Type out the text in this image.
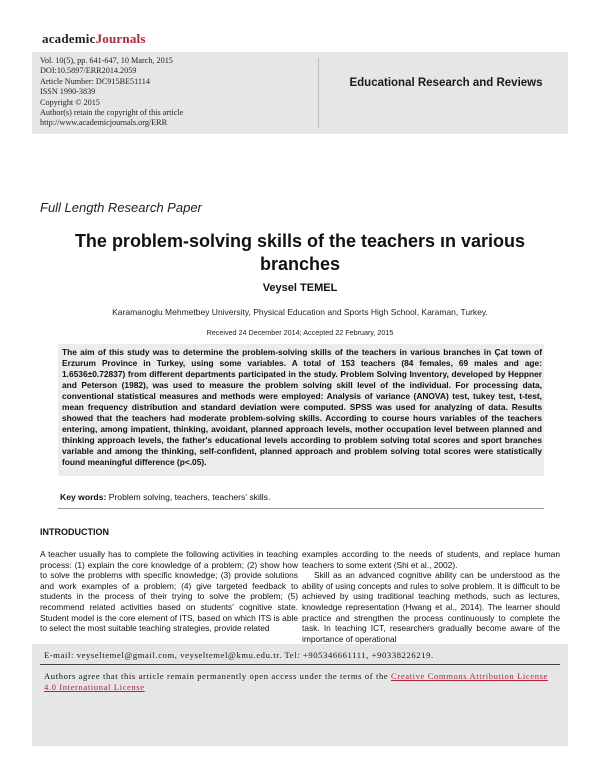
academicJournals
Vol. 10(5), pp. 641-647, 10 March, 2015
DOI:10.5897/ERR2014.2059
Article Number: DC915BE51114
ISSN 1990-3839
Copyright © 2015
Author(s) retain the copyright of this article
http://www.academicjournals.org/ERR
Educational Research and Reviews
Full Length Research Paper
The problem-solving skills of the teachers ın various branches
Veysel TEMEL
Karamanoglu Mehmetbey University, Physical Education and Sports High School, Karaman, Turkey.
Received 24 December 2014; Accepted 22 February, 2015
The aim of this study was to determine the problem-solving skills of the teachers in various branches in Çat town of Erzurum Province in Turkey, using some variables. A total of 153 teachers (84 females, 69 males and age: 1.6536±0.72837) from different departments participated in the study. Problem Solving Inventory, developed by Heppner and Peterson (1982), was used to measure the problem solving skill level of the individual. For processing data, conventional statistical measures and methods were employed: Analysis of variance (ANOVA) test, tukey test, t-test, mean frequency distribution and standard deviation were computed. SPSS was used for analyzing of data. Results showed that the teachers had moderate problem-solving skills. According to course hours variables of the teachers entering, among impatient, thinking, avoidant, planned approach levels, mother occupation level between planned and thinking approach levels, the father's educational levels according to problem solving total scores and sport branches variable and among the thinking, self-confident, planned approach and problem solving total scores were statistically found meaningful difference (p<.05).
Key words: Problem solving, teachers, teachers' skills.
INTRODUCTION

A teacher usually has to complete the following activities in teaching process: (1) explain the core knowledge of a problem; (2) show how to solve the problems with specific knowledge; (3) provide solutions and work examples of a problem; (4) give targeted feedback to students in the process of their trying to solve the problem; (5) recommend related activities based on students' cognitive state. Student model is the core element of ITS, based on which ITS is able to select the most suitable teaching strategies, provide related

examples according to the needs of students, and replace human teachers to some extent (Shi et al., 2002).

Skill as an advanced cognitive ability can be understood as the ability of using concepts and rules to solve problem. It is difficult to be achieved by using traditional teaching methods, such as lectures, knowledge representation (Hwang et al., 2014). The learner should practice and strengthen the process continuously to complete the task. In teaching ICT, researchers gradually become aware of the importance of operational

E-mail: veyseltemel@gmail.com, veyseltemel@kmu.edu.tr. Tel: +905346661111, +90338226219.
Authors agree that this article remain permanently open access under the terms of the Creative Commons Attribution License 4.0 International License
